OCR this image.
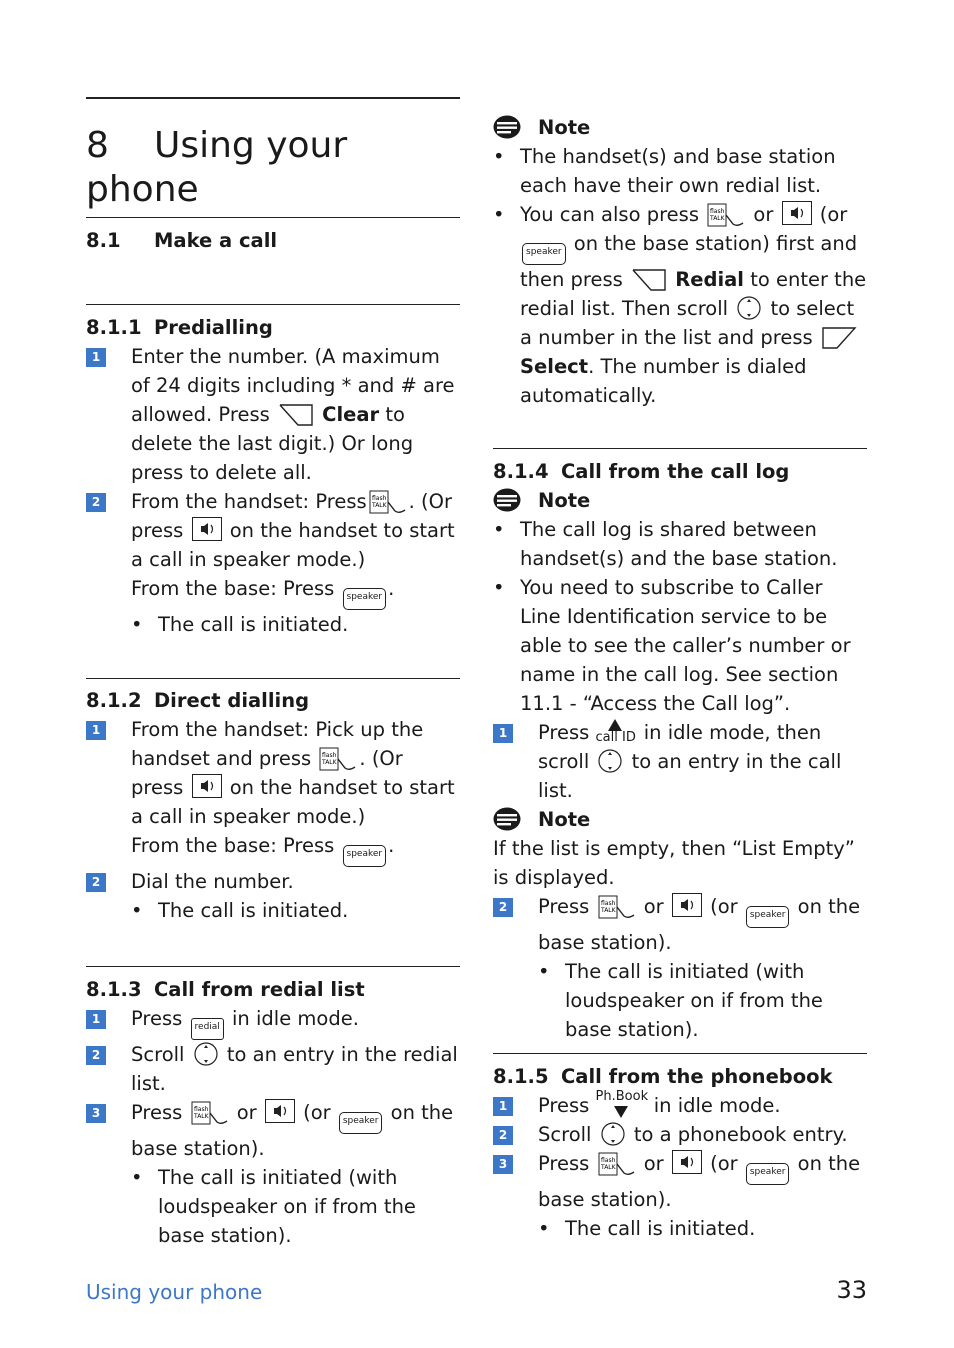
8 Using your phone
8.1 Make a call
8.1.1 Predialling
1 Enter the number. (A maximum of 24 digits including * and # are allowed. Press	Clear to delete the last digit.) Or long press to delete all.
2 From the handset: Press flash
TALK . (Or press on the handset to start a call in speaker mode.)
From the base: Press speaker .
• The call is initiated.
8.1.2 Direct dialling
1 From the handset: Pick up the handset and press flash
TALK . (Or press on the handset to start a call in speaker mode.)
From the base: Press speaker .
2 Dial the number.
• The call is initiated.
8.1.3 Call from redial list
1 Press redial in idle mode.
2 Scroll to an entry in the redial list.
3 Press flash
TALK or (or speaker on the base station).
• The call is initiated (with loudspeaker on if from the base station).
Note
• The handset(s) and base station each have their own redial list.
• You can also press flash
TALK or (or speaker on the base station) first and then press	Redial to enter the redial list. Then scroll to select a number in the list and press  Select. The number is dialed automatically.
8.1.4 Call from the call log
Note
• The call log is shared between handset(s) and the base station.
• You need to subscribe to Caller Line Identification service to be able to see the caller’s number or name in the call log. See section 11.1 - “Access the Call log”.
1 Press call ID in idle mode, then scroll to an entry in the call list.
Note
If the list is empty, then “List Empty” is displayed.
2 Press flash
TALK or (or speaker on the base station).
• The call is initiated (with loudspeaker on if from the base station).
8.1.5 Call from the phonebook
1 Press Ph.Book in idle mode.
2 Scroll to a phonebook entry.
3 Press flash
TALK or (or speaker on the base station).
• The call is initiated.
Using your phone	33
